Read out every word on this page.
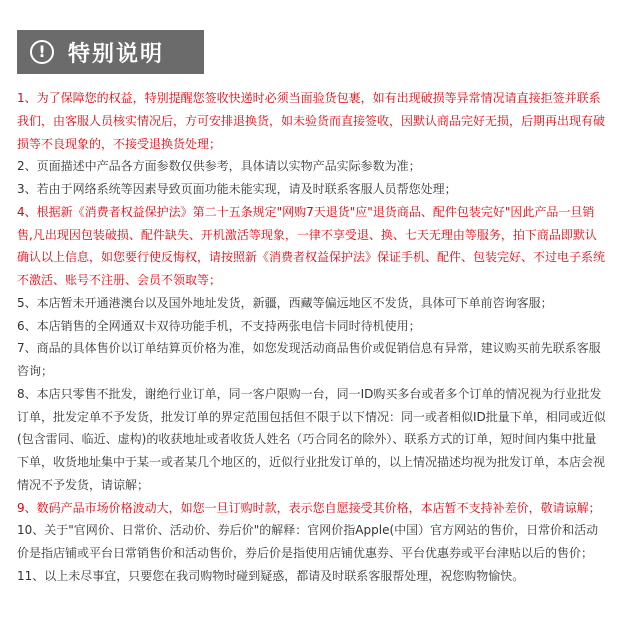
! 特别说明

1、为了保障您的权益，特别提醒您签收快递时必须当面验货包裹，如有出现破损等异常情况请直接拒签并联系我们，由客服人员核实情况后，方可安排退换货，如未验货而直接签收，因默认商品完好无损，后期再出现有破损等不良现象的，不接受退换货处理；

2、页面描述中产品各方面参数仅供参考，具体请以实物产品实际参数为准；

3、若由于网络系统等因素导致页面功能未能实现，请及时联系客服人员帮您处理；

4、根据新《消费者权益保护法》第二十五条规定"网购7天退货"应"退货商品、配件包装完好"因此产品一旦销售,凡出现因包装破损、配件缺失、开机激活等现象，一律不享受退、换、七天无理由等服务，拍下商品即默认确认以上信息，如您要行使反悔权，请按照新《消费者权益保护法》保证手机、配件、包装完好、不过电子系统不激活、账号不注册、会员不领取等；

5、本店暂未开通港澳台以及国外地址发货，新疆，西藏等偏远地区不发货，具体可下单前咨询客服；

6、本店销售的全网通双卡双待功能手机，不支持两张电信卡同时待机使用；

7、商品的具体售价以订单结算页价格为准，如您发现活动商品售价或促销信息有异常，建议购买前先联系客服咨询；

8、本店只零售不批发，谢绝行业订单，同一客户限购一台，同一ID购买多台或者多个订单的情况视为行业批发订单，批发定单不予发货，批发订单的界定范围包括但不限于以下情况：同一或者相似ID批量下单，相同或近似(包含雷同、临近、虚构)的收获地址或者收货人姓名（巧合同名的除外）、联系方式的订单，短时间内集中批量下单，收货地址集中于某一或者某几个地区的，近似行业批发订单的，以上情况描述均视为批发订单，本店会视情况不予发货，请谅解；

9、数码产品市场价格波动大，如您一旦订购时款，表示您自愿接受其价格，本店暂不支持补差价，敬请谅解；

10、关于"官网价、日常价、活动价、券后价"的解释：官网价指Apple(中国）官方网站的售价，日常价和活动价是指店铺或平台日常销售价和活动售价，券后价是指使用店铺优惠券、平台优惠券或平台津贴以后的售价；

11、以上未尽事宜，只要您在我司购物时碰到疑惑，都请及时联系客服帮处理，祝您购物愉快。
